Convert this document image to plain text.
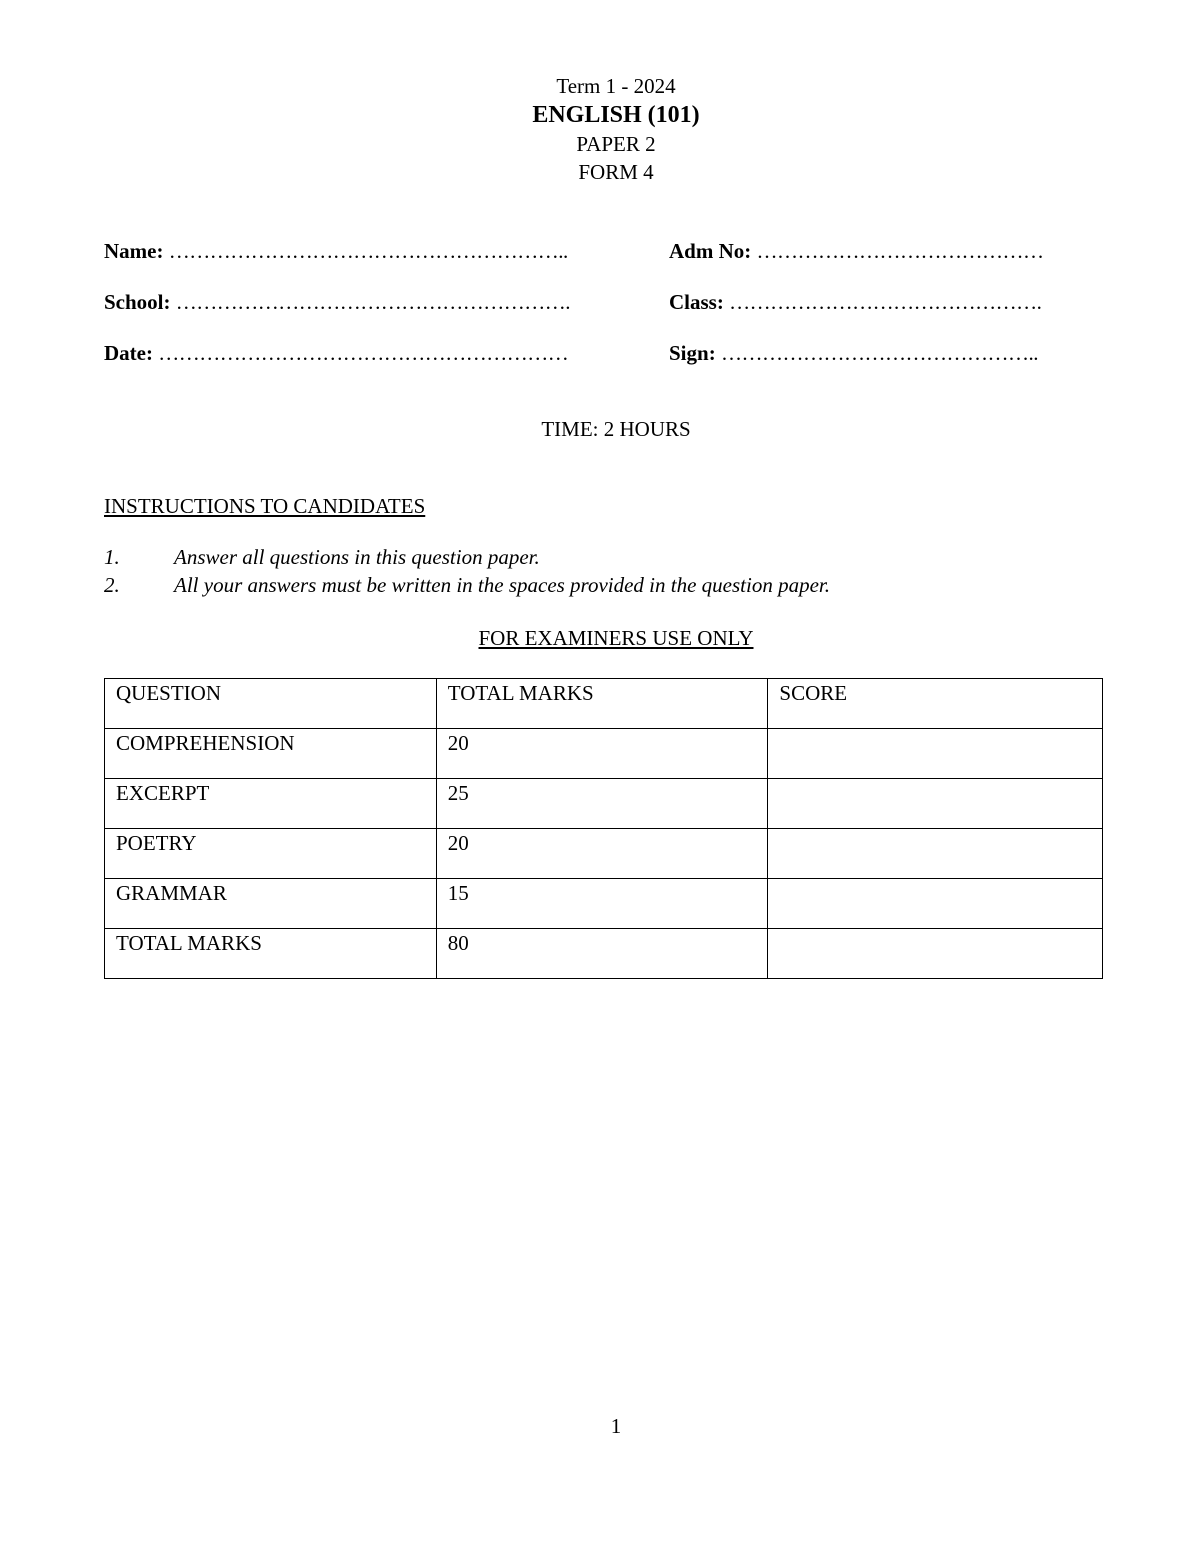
Term 1 - 2024
ENGLISH (101)
PAPER 2
FORM 4
Name: …………………………………………………..	Adm No: ……………………………………
School: ………………………………………………….	Class: ……………………………………….
Date: ……………………………………………………	Sign: ………………………………………..
TIME: 2 HOURS
INSTRUCTIONS TO CANDIDATES
1.	Answer all questions in this question paper.
2.	All your answers must be written in the spaces provided in the question paper.
FOR EXAMINERS USE ONLY
QUESTION	TOTAL MARKS	SCORE
COMPREHENSION	20	
EXCERPT	25	
POETRY	20	
GRAMMAR	15	
TOTAL MARKS	80	
1
